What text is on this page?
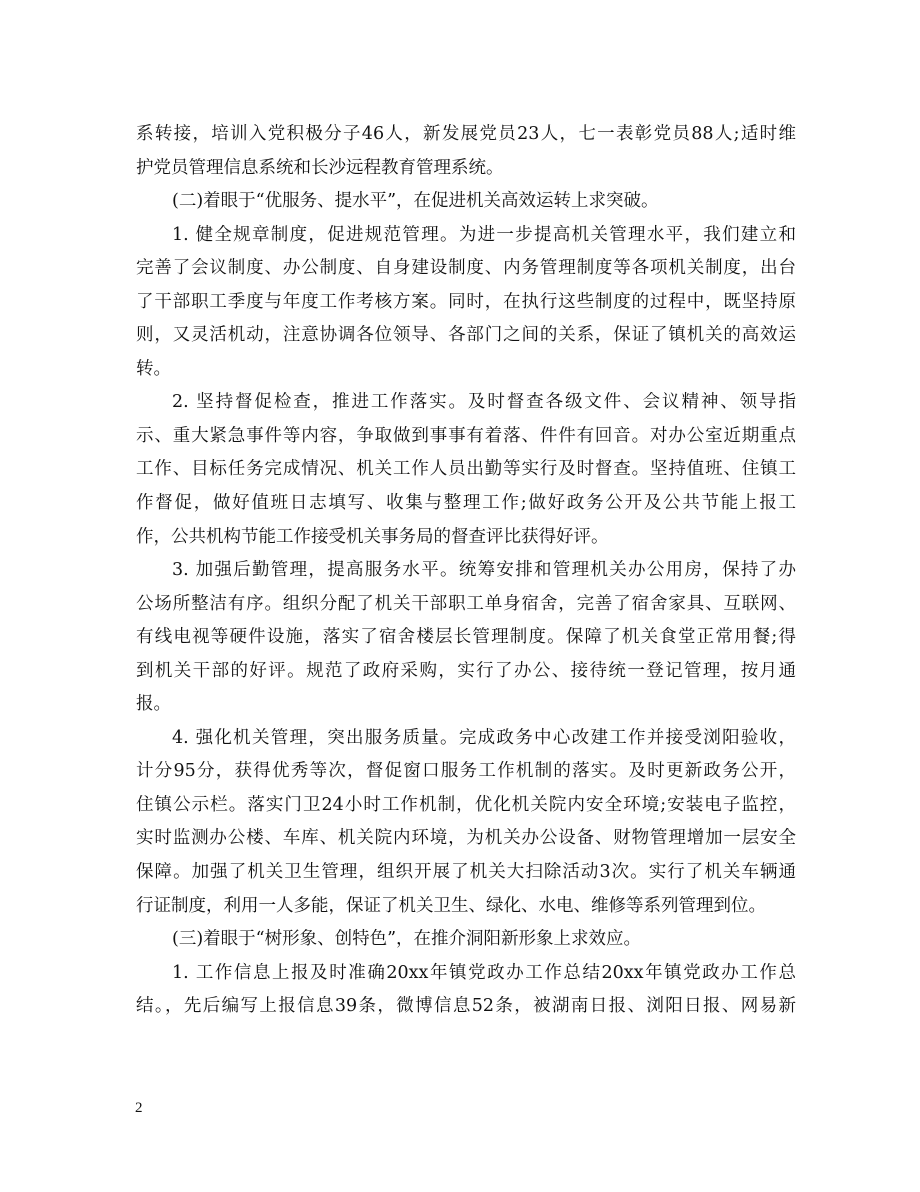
系转接，培训入党积极分子46人，新发展党员23人，七一表彰党员88人;适时维
护党员管理信息系统和长沙远程教育管理系统。
(二)着眼于“优服务、提水平”，在促进机关高效运转上求突破。
1. 健全规章制度，促进规范管理。为进一步提高机关管理水平，我们建立和
完善了会议制度、办公制度、自身建设制度、内务管理制度等各项机关制度，出台
了干部职工季度与年度工作考核方案。同时，在执行这些制度的过程中，既坚持原
则，又灵活机动，注意协调各位领导、各部门之间的关系，保证了镇机关的高效运
转。
2. 坚持督促检查，推进工作落实。及时督查各级文件、会议精神、领导指
示、重大紧急事件等内容，争取做到事事有着落、件件有回音。对办公室近期重点
工作、目标任务完成情况、机关工作人员出勤等实行及时督查。坚持值班、住镇工
作督促，做好值班日志填写、收集与整理工作;做好政务公开及公共节能上报工
作，公共机构节能工作接受机关事务局的督查评比获得好评。
3. 加强后勤管理，提高服务水平。统筹安排和管理机关办公用房，保持了办
公场所整洁有序。组织分配了机关干部职工单身宿舍，完善了宿舍家具、互联网、
有线电视等硬件设施，落实了宿舍楼层长管理制度。保障了机关食堂正常用餐;得
到机关干部的好评。规范了政府采购，实行了办公、接待统一登记管理，按月通
报。
4. 强化机关管理，突出服务质量。完成政务中心改建工作并接受浏阳验收，
计分95分，获得优秀等次，督促窗口服务工作机制的落实。及时更新政务公开，
住镇公示栏。落实门卫24小时工作机制，优化机关院内安全环境;安装电子监控，
实时监测办公楼、车库、机关院内环境，为机关办公设备、财物管理增加一层安全
保障。加强了机关卫生管理，组织开展了机关大扫除活动3次。实行了机关车辆通
行证制度，利用一人多能，保证了机关卫生、绿化、水电、维修等系列管理到位。
(三)着眼于“树形象、创特色”，在推介洞阳新形象上求效应。
1. 工作信息上报及时准确20xx年镇党政办工作总结20xx年镇党政办工作总
结。，先后编写上报信息39条，微博信息52条，被湖南日报、浏阳日报、网易新
2
